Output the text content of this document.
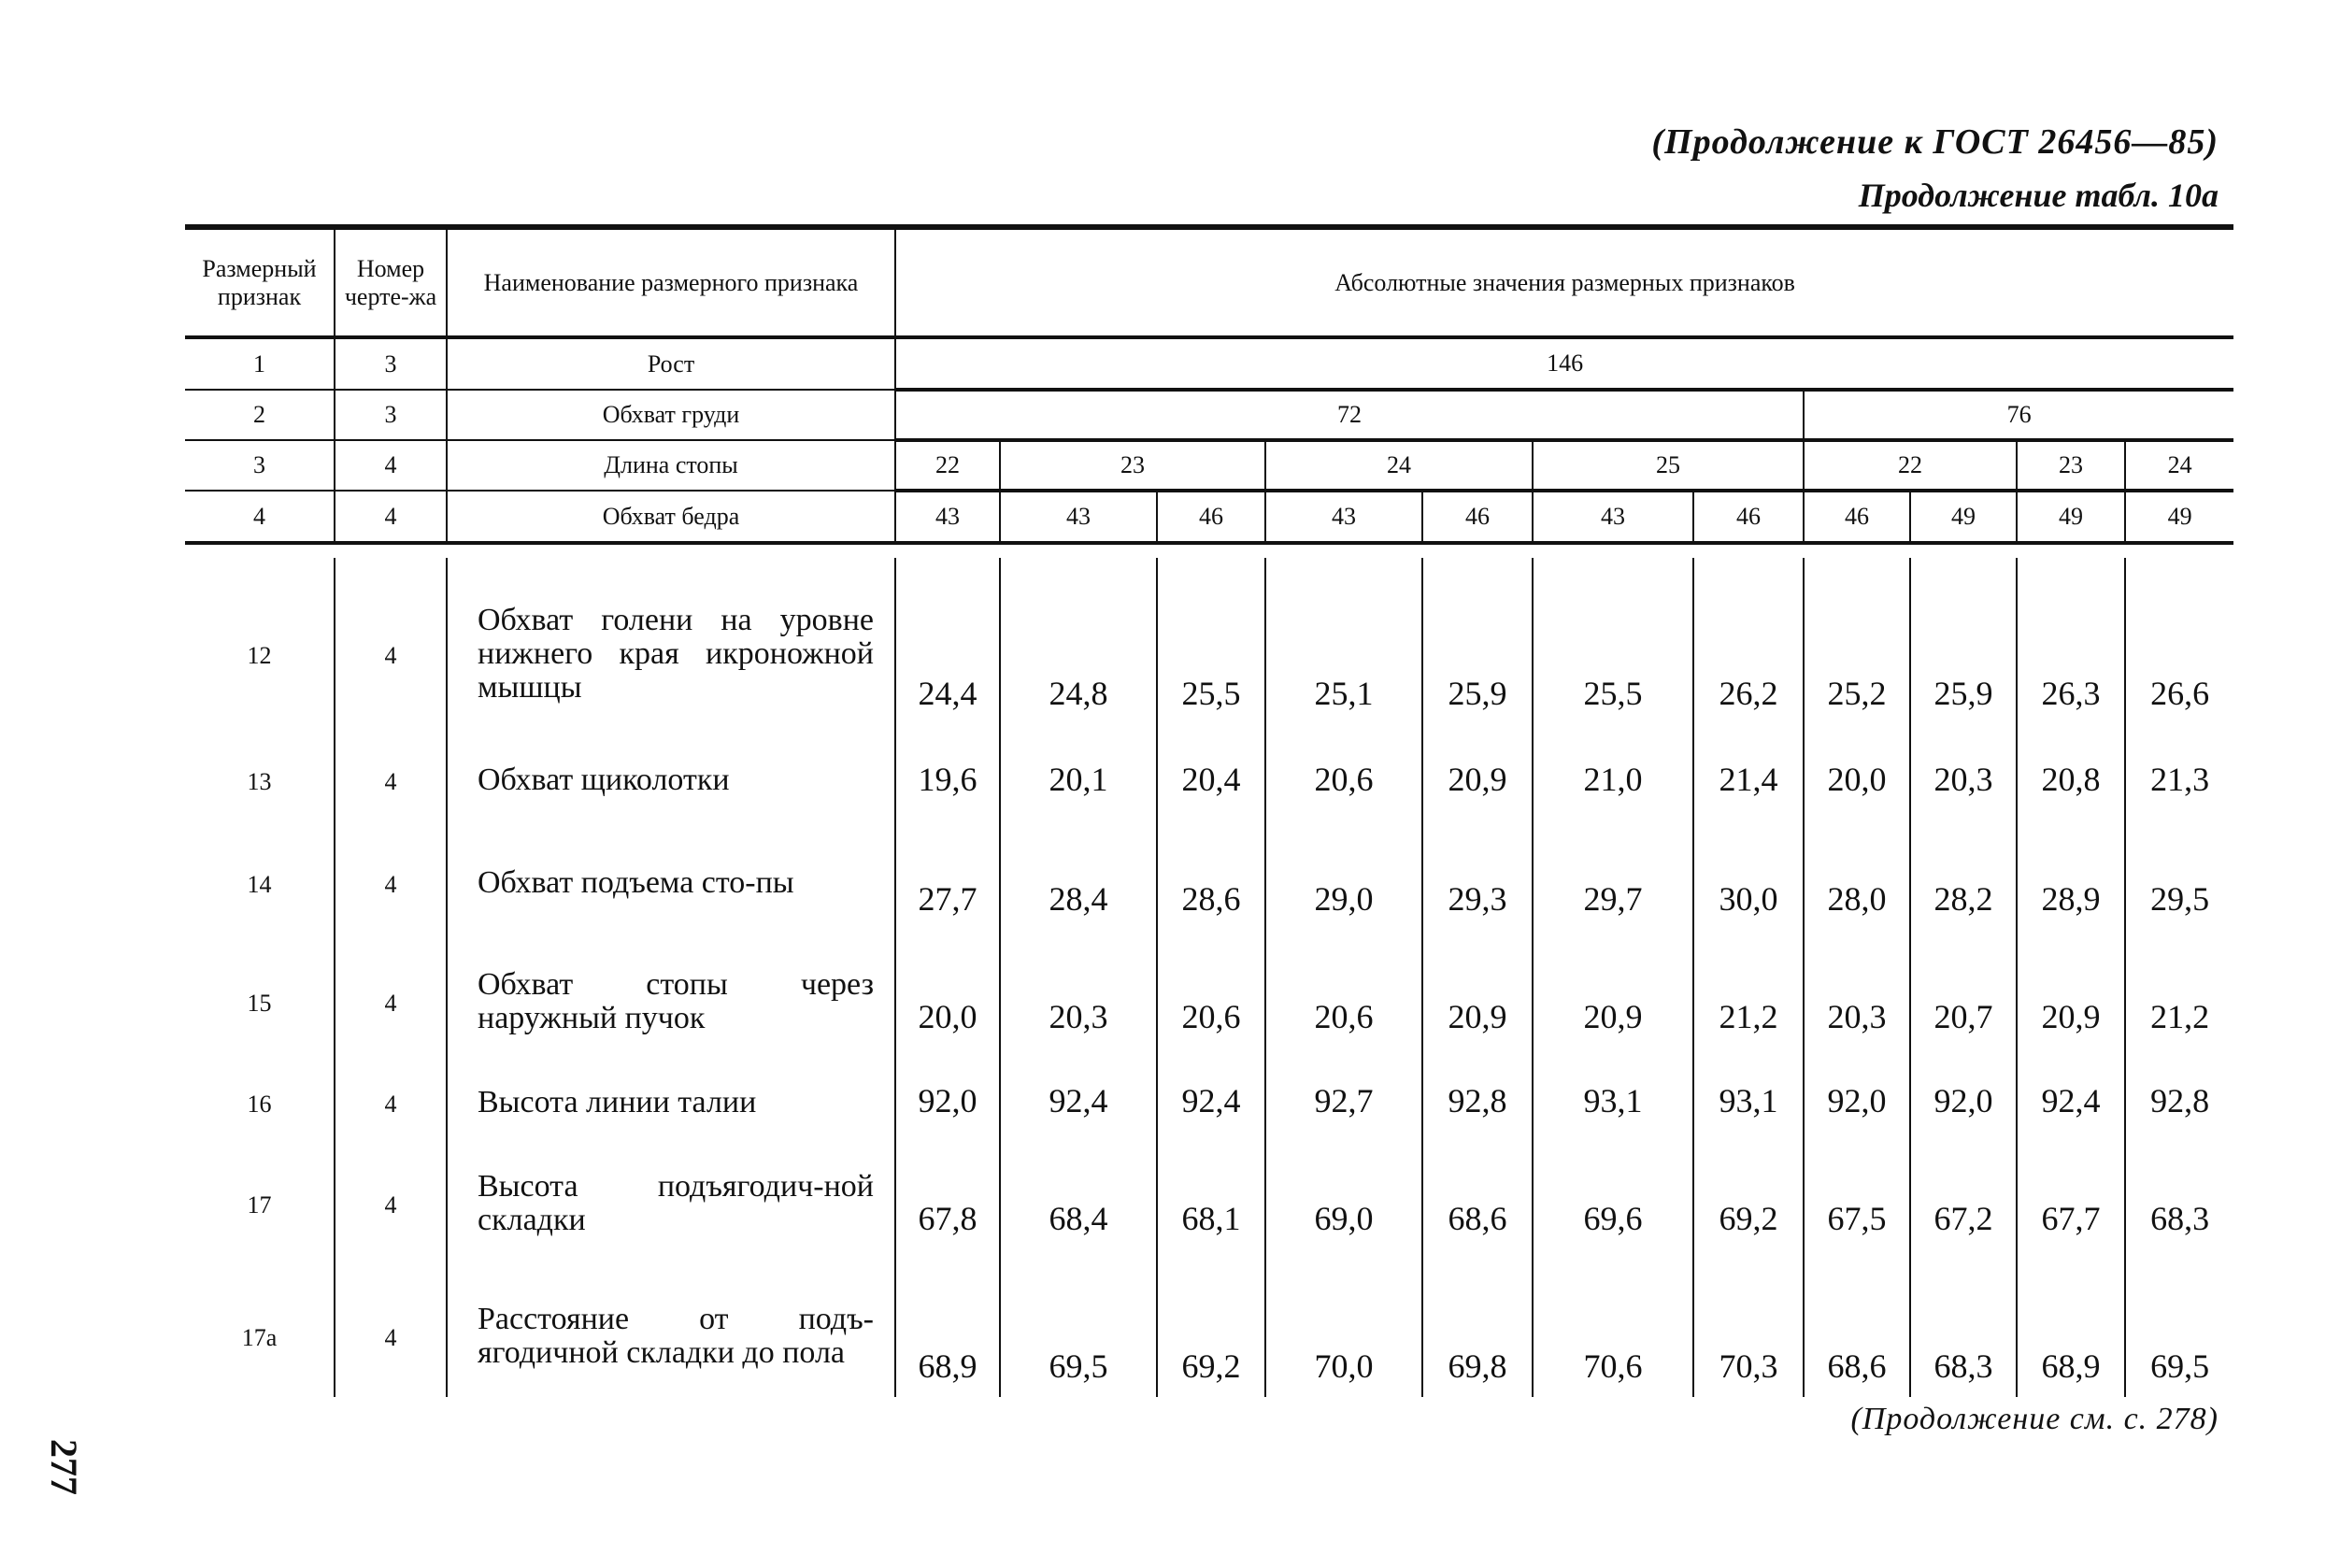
(Продолжение к ГОСТ 26456—85)
Продолжение табл. 10а
Размерный признак	Номер черте-жа	Наименование размерного признака	Абсолютные значения размерных признаков										
1	3	Рост	146										
2	3	Обхват груди	72							76			
3	4	Длина стопы	22	23		24		25		22		23	24
4	4	Обхват бедра	43	43	46	43	46	43	46	46	49	49	49

12	4	Обхват голени на уровне нижнего края икроножной мышцы	24,4	24,8	25,5	25,1	25,9	25,5	26,2	25,2	25,9	26,3	26,6
13	4	Обхват щиколотки	19,6	20,1	20,4	20,6	20,9	21,0	21,4	20,0	20,3	20,8	21,3
14	4	Обхват подъема сто-пы	27,7	28,4	28,6	29,0	29,3	29,7	30,0	28,0	28,2	28,9	29,5
15	4	Обхват стопы через наружный пучок	20,0	20,3	20,6	20,6	20,9	20,9	21,2	20,3	20,7	20,9	21,2
16	4	Высота линии талии	92,0	92,4	92,4	92,7	92,8	93,1	93,1	92,0	92,0	92,4	92,8
17	4	Высота подъягодич-ной складки	67,8	68,4	68,1	69,0	68,6	69,6	69,2	67,5	67,2	67,7	68,3
17а	4	Расстояние от подъ-ягодичной складки до пола	68,9	69,5	69,2	70,0	69,8	70,6	70,3	68,6	68,3	68,9	69,5
(Продолжение см. с. 278)
277
